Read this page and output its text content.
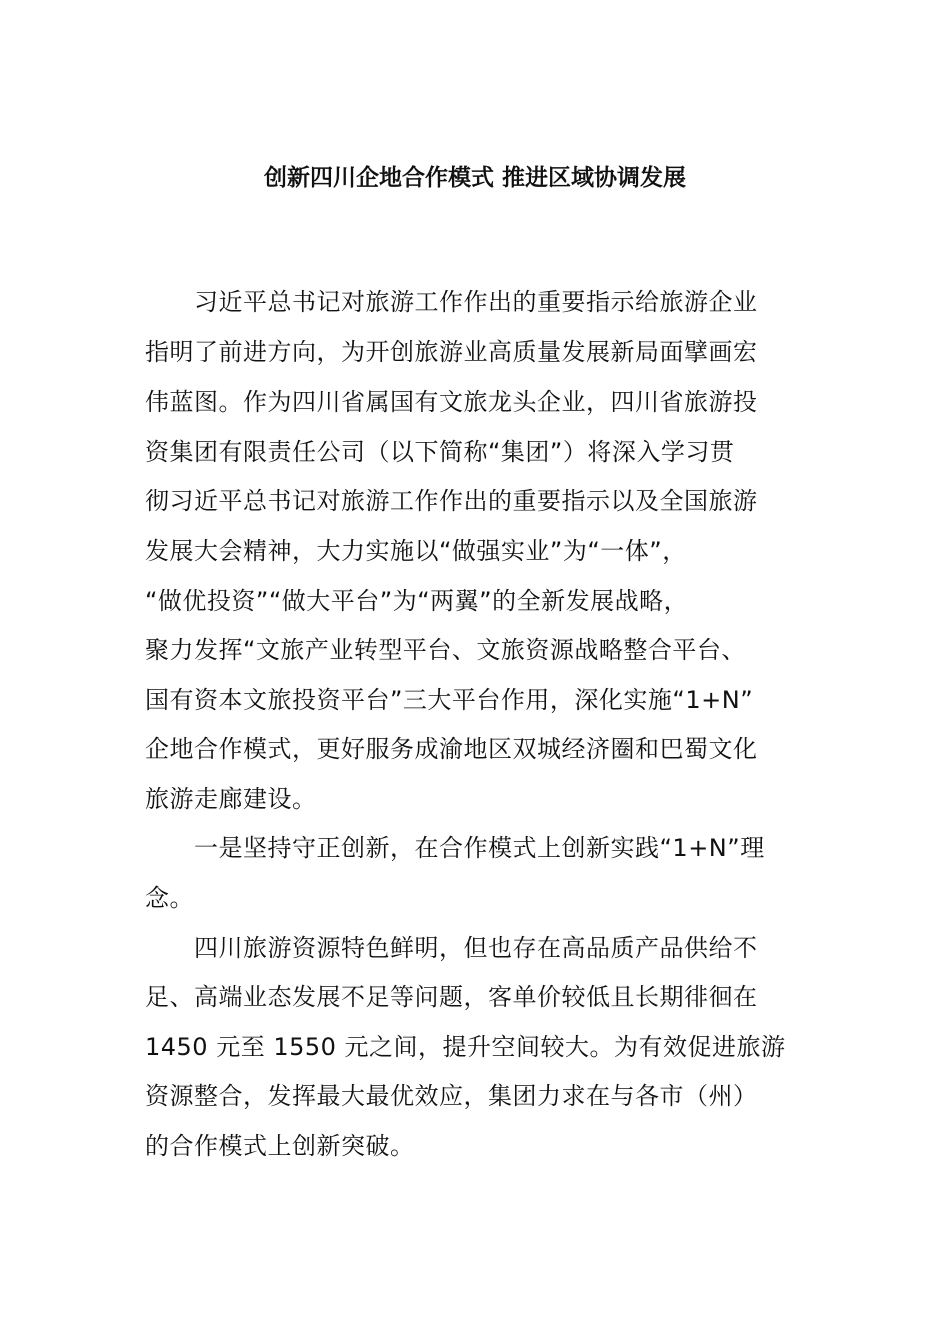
创新四川企地合作模式 推进区域协调发展
　　习近平总书记对旅游工作作出的重要指示给旅游企业
指明了前进方向，为开创旅游业高质量发展新局面擘画宏
伟蓝图。作为四川省属国有文旅龙头企业，四川省旅游投
资集团有限责任公司（以下简称“集团”）将深入学习贯
彻习近平总书记对旅游工作作出的重要指示以及全国旅游
发展大会精神，大力实施以“做强实业”为“一体”，
“做优投资”“做大平台”为“两翼”的全新发展战略，
聚力发挥“文旅产业转型平台、文旅资源战略整合平台、
国有资本文旅投资平台”三大平台作用，深化实施“1+N”
企地合作模式，更好服务成渝地区双城经济圈和巴蜀文化
旅游走廊建设。
　　一是坚持守正创新，在合作模式上创新实践“1+N”理
念。
　　四川旅游资源特色鲜明，但也存在高品质产品供给不
足、高端业态发展不足等问题，客单价较低且长期徘徊在
1450 元至 1550 元之间，提升空间较大。为有效促进旅游
资源整合，发挥最大最优效应，集团力求在与各市（州）
的合作模式上创新突破。
